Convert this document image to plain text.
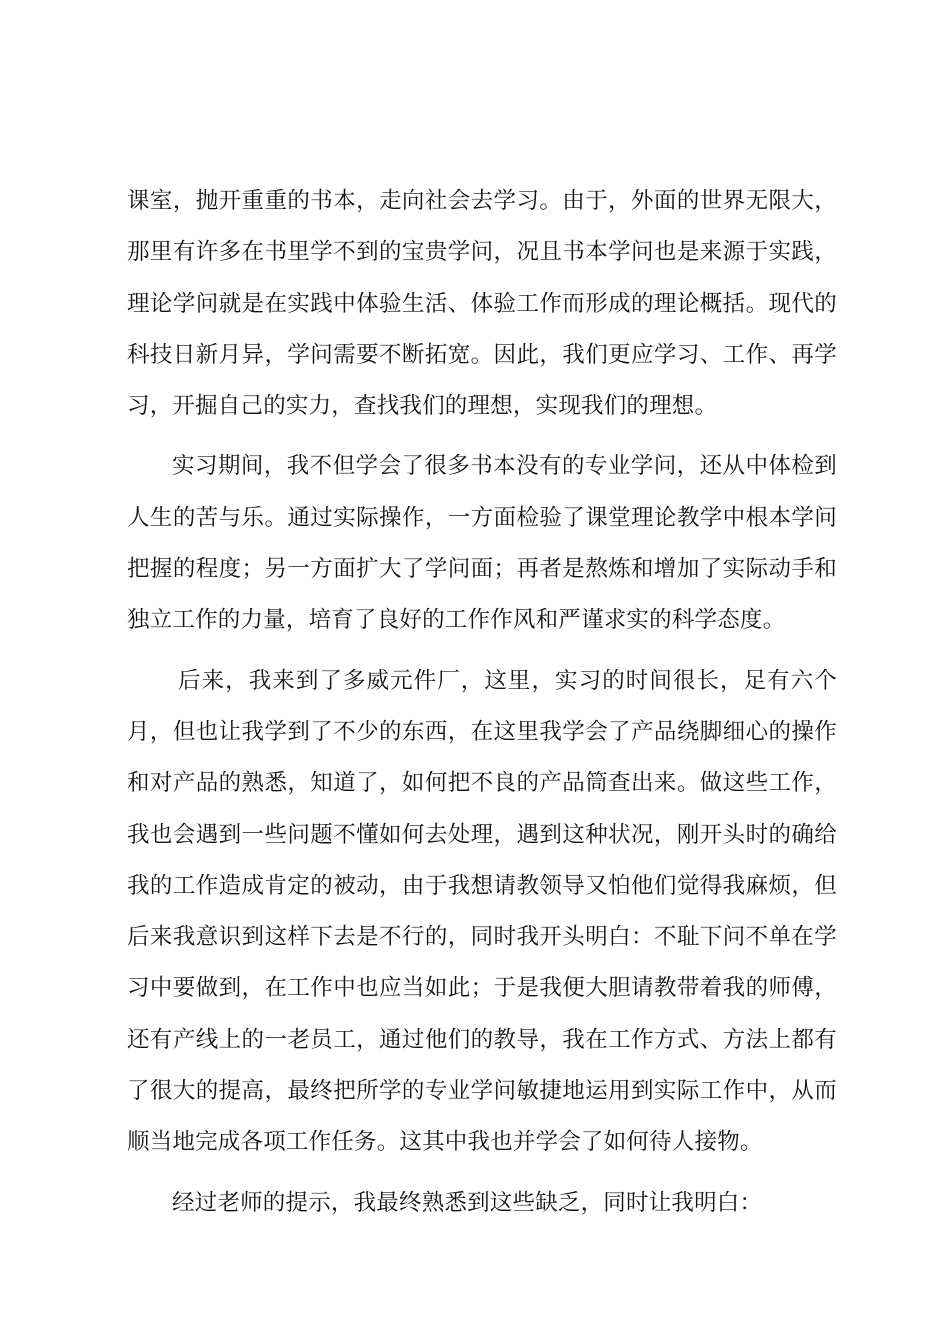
课室，抛开重重的书本，走向社会去学习。由于，外面的世界无限大，
那里有许多在书里学不到的宝贵学问，况且书本学问也是来源于实践，
理论学问就是在实践中体验生活、体验工作而形成的理论概括。现代的
科技日新月异，学问需要不断拓宽。因此，我们更应学习、工作、再学
习，开掘自己的实力，查找我们的理想，实现我们的理想。
实习期间，我不但学会了很多书本没有的专业学问，还从中体检到
人生的苦与乐。通过实际操作，一方面检验了课堂理论教学中根本学问
把握的程度；另一方面扩大了学问面；再者是熬炼和增加了实际动手和
独立工作的力量，培育了良好的工作作风和严谨求实的科学态度。
后来，我来到了多威元件厂，这里，实习的时间很长，足有六个
月，但也让我学到了不少的东西，在这里我学会了产品绕脚细心的操作
和对产品的熟悉，知道了，如何把不良的产品筒查出来。做这些工作，
我也会遇到一些问题不懂如何去处理，遇到这种状况，刚开头时的确给
我的工作造成肯定的被动，由于我想请教领导又怕他们觉得我麻烦，但
后来我意识到这样下去是不行的，同时我开头明白：不耻下问不单在学
习中要做到，在工作中也应当如此；于是我便大胆请教带着我的师傅，
还有产线上的一老员工，通过他们的教导，我在工作方式、方法上都有
了很大的提高，最终把所学的专业学问敏捷地运用到实际工作中，从而
顺当地完成各项工作任务。这其中我也并学会了如何待人接物。
经过老师的提示，我最终熟悉到这些缺乏，同时让我明白：
